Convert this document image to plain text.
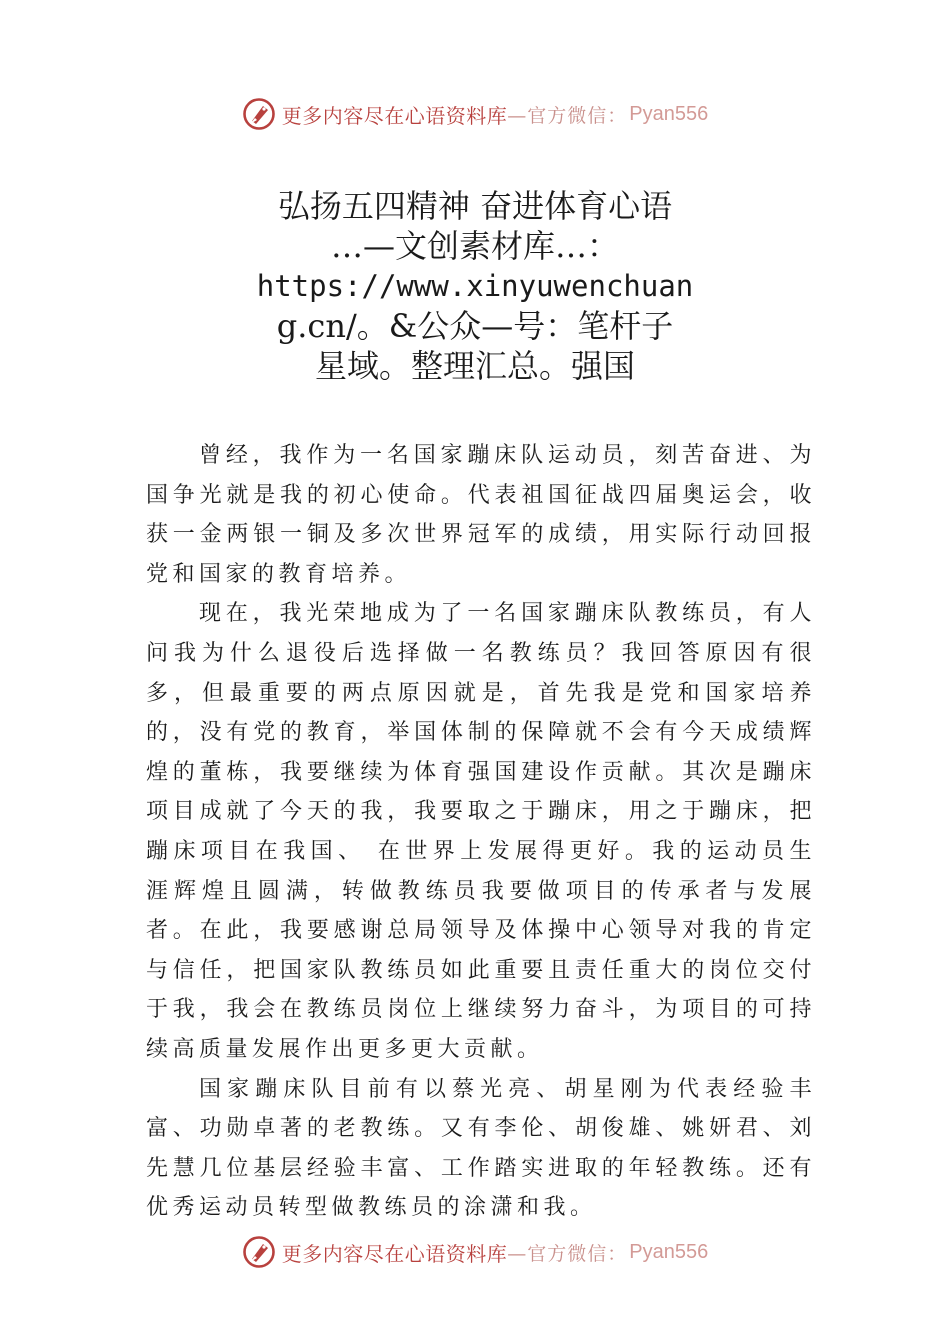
更多内容尽在心语资料库 —官方微信： Pyan556
弘扬五四精神 奋进体育心语
…—文创素材库…：
https://www.xinyuwenchuan
g.cn/。&公众—号：笔杆子
星域。整理汇总。强国

曾经，我作为一名国家蹦床队运动员，刻苦奋进、为国争光就是我的初心使命。代表祖国征战四届奥运会，收获一金两银一铜及多次世界冠军的成绩，用实际行动回报党和国家的教育培养。

现在，我光荣地成为了一名国家蹦床队教练员，有人问我为什么退役后选择做一名教练员？我回答原因有很多，但最重要的两点原因就是，首先我是党和国家培养的，没有党的教育，举国体制的保障就不会有今天成绩辉煌的董栋，我要继续为体育强国建设作贡献。其次是蹦床项目成就了今天的我，我要取之于蹦床，用之于蹦床，把蹦床项目在我国、 在世界上发展得更好。我的运动员生涯辉煌且圆满，转做教练员我要做项目的传承者与发展者。在此，我要感谢总局领导及体操中心领导对我的肯定与信任，把国家队教练员如此重要且责任重大的岗位交付于我，我会在教练员岗位上继续努力奋斗，为项目的可持续高质量发展作出更多更大贡献。

国家蹦床队目前有以蔡光亮、胡星刚为代表经验丰富、功勋卓著的老教练。又有李伦、胡俊雄、姚妍君、刘先慧几位基层经验丰富、工作踏实进取的年轻教练。还有优秀运动员转型做教练员的涂潇和我。

更多内容尽在心语资料库 —官方微信： Pyan556
